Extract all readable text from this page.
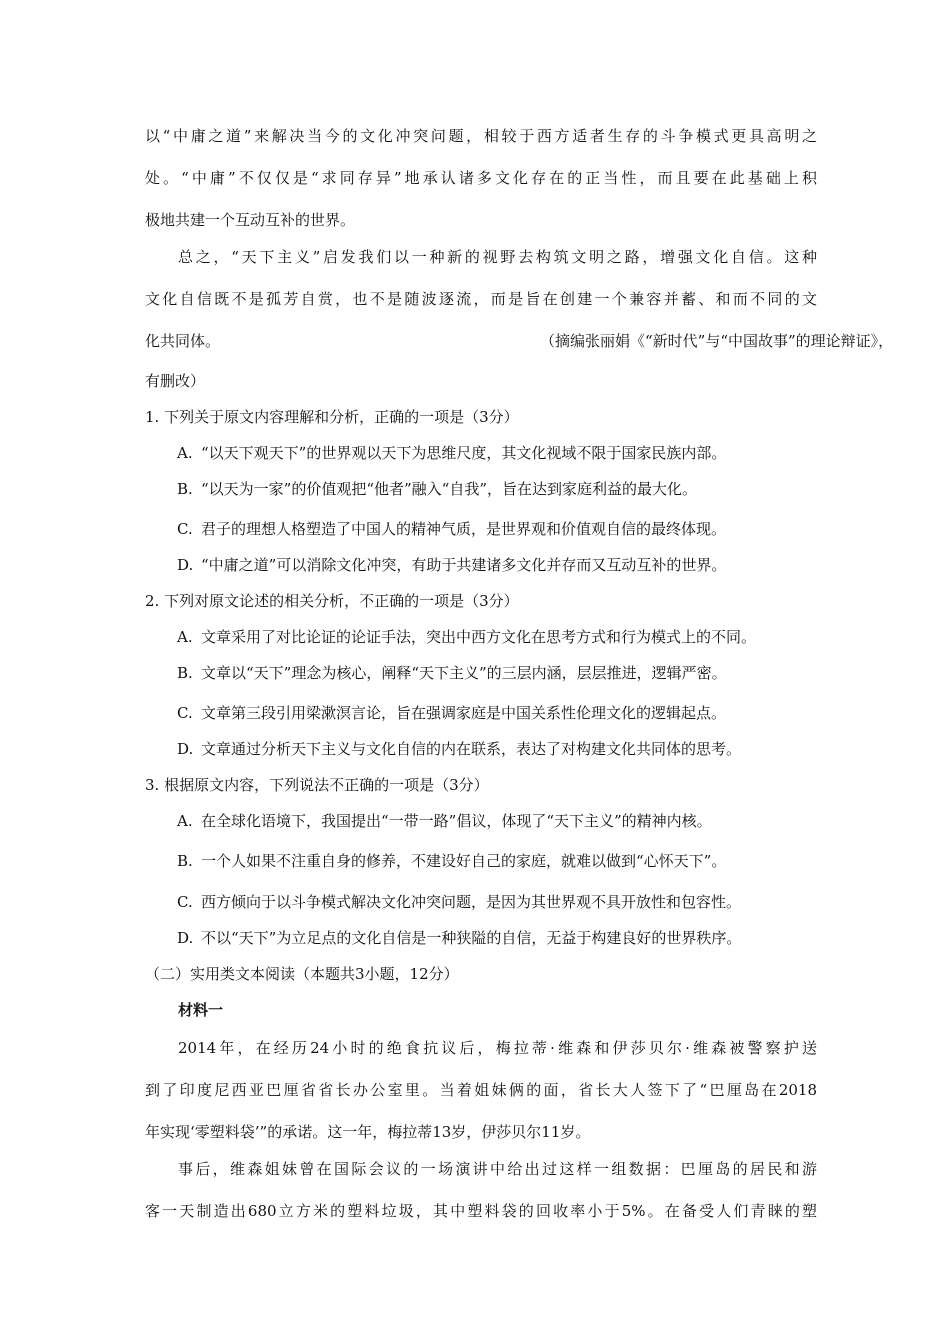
以“中庸之道”来解决当今的文化冲突问题，相较于西方适者生存的斗争模式更具高明之
处。“中庸”不仅仅是“求同存异”地承认诸多文化存在的正当性，而且要在此基础上积
极地共建一个互动互补的世界。
总之，“天下主义”启发我们以一种新的视野去构筑文明之路，增强文化自信。这种
文化自信既不是孤芳自赏，也不是随波逐流，而是旨在创建一个兼容并蓄、和而不同的文
化共同体。	（摘编张丽娟《“新时代”与“中国故事”的理论辩证》，
有删改）
1. 下列关于原文内容理解和分析，正确的一项是（3分）
A. “以天下观天下”的世界观以天下为思维尺度，其文化视域不限于国家民族内部。
B. “以天为一家”的价值观把“他者”融入“自我”，旨在达到家庭利益的最大化。
C. 君子的理想人格塑造了中国人的精神气质，是世界观和价值观自信的最终体现。
D. “中庸之道”可以消除文化冲突，有助于共建诸多文化并存而又互动互补的世界。
2. 下列对原文论述的相关分析，不正确的一项是（3分）
A. 文章采用了对比论证的论证手法，突出中西方文化在思考方式和行为模式上的不同。
B. 文章以“天下”理念为核心，阐释“天下主义”的三层内涵，层层推进，逻辑严密。
C. 文章第三段引用梁漱溟言论，旨在强调家庭是中国关系性伦理文化的逻辑起点。
D. 文章通过分析天下主义与文化自信的内在联系，表达了对构建文化共同体的思考。
3. 根据原文内容，下列说法不正确的一项是（3分）
A. 在全球化语境下，我国提出“一带一路”倡议，体现了“天下主义”的精神内核。
B. 一个人如果不注重自身的修养，不建设好自己的家庭，就难以做到“心怀天下”。
C. 西方倾向于以斗争模式解决文化冲突问题，是因为其世界观不具开放性和包容性。
D. 不以“天下”为立足点的文化自信是一种狭隘的自信，无益于构建良好的世界秩序。
（二）实用类文本阅读（本题共3小题，12分）
材料一
2014年，在经历24小时的绝食抗议后，梅拉蒂·维森和伊莎贝尔·维森被警察护送
到了印度尼西亚巴厘省省长办公室里。当着姐妹俩的面，省长大人签下了“巴厘岛在2018
年实现‘零塑料袋’”的承诺。这一年，梅拉蒂13岁，伊莎贝尔11岁。
事后，维森姐妹曾在国际会议的一场演讲中给出过这样一组数据：巴厘岛的居民和游
客一天制造出680立方米的塑料垃圾，其中塑料袋的回收率小于5%。在备受人们青睐的塑
